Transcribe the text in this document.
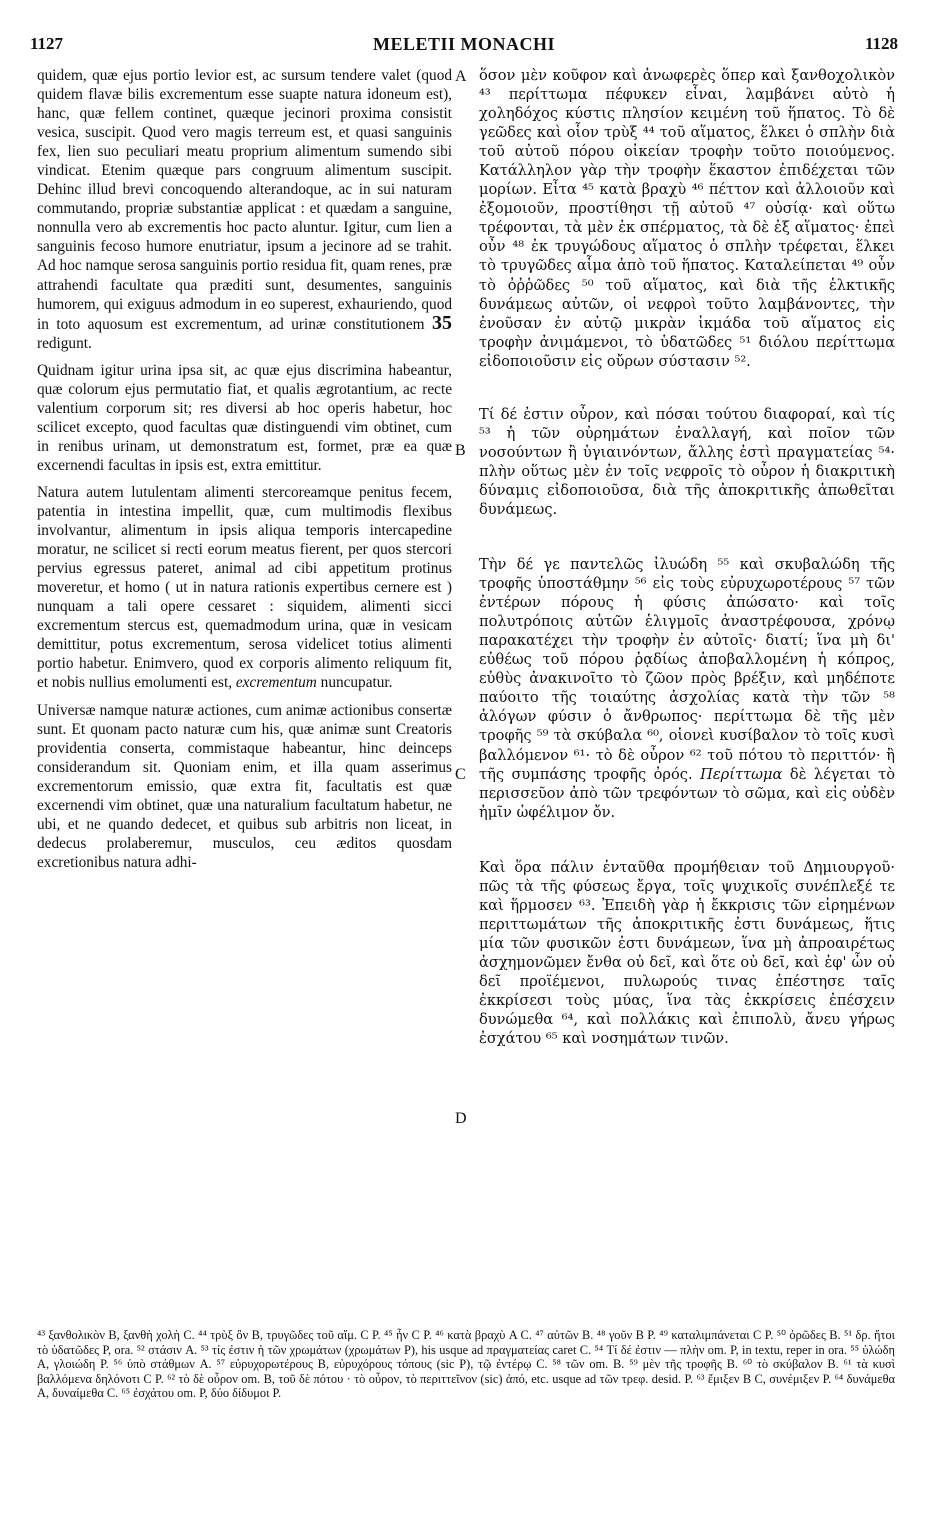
1127	MELETII MONACHI	1128
A
B
C
D

quidem, quæ ejus portio levior est, ac sursum tendere valet (quod quidem flavæ bilis excrementum esse suapte natura idoneum est), hanc, quæ fellem continet, quæque jecinori proxima consistit vesica, suscipit. Quod vero magis terreum est, et quasi sanguinis fex, lien suo peculiari meatu proprium alimentum sumendo sibi vindicat. Etenim quæque pars congruum alimentum suscipit. Dehinc illud brevi concoquendo alterandoque, ac in sui naturam commutando, propriæ substantiæ applicat : et quædam a sanguine, nonnulla vero ab excrementis hoc pacto aluntur. Igitur, cum lien a sanguinis fecoso humore enutriatur, ipsum a jecinore ad se trahit. Ad hoc namque serosa sanguinis portio residua fit, quam renes, præ attrahendi facultate qua præditi sunt, desumentes, sanguinis humorem, qui exiguus admodum in eo superest, exhauriendo, quod in toto aquosum est excrementum, ad urinæ constitutionem 35 redigunt.

Quidnam igitur urina ipsa sit, ac quæ ejus discrimina habeantur, quæ colorum ejus permutatio fiat, et qualis ægrotantium, ac recte valentium corporum sit; res diversi ab hoc operis habetur, hoc scilicet excepto, quod facultas quæ distinguendi vim obtinet, cum in renibus urinam, ut demonstratum est, formet, præ ea quæ excernendi facultas in ipsis est, extra emittitur.

Natura autem lutulentam alimenti stercoreamque penitus fecem, patentia in intestina impellit, quæ, cum multimodis flexibus involvantur, alimentum in ipsis aliqua temporis intercapedine moratur, ne scilicet si recti eorum meatus fierent, per quos stercori pervius egressus pateret, animal ad cibi appetitum protinus moveretur, et homo ( ut in natura rationis expertibus cernere est ) nunquam a tali opere cessaret : siquidem, alimenti sicci excrementum stercus est, quemadmodum urina, quæ in vesicam demittitur, potus excrementum, serosa videlicet totius alimenti portio habetur. Enimvero, quod ex corporis alimento reliquum fit, et nobis nullius emolumenti est, excrementum nuncupatur.

Universæ namque naturæ actiones, cum animæ actionibus consertæ sunt. Et quonam pacto naturæ cum his, quæ animæ sunt Creatoris providentia conserta, commistaque habeantur, hinc deinceps considerandum sit. Quoniam enim, et illa quam asserimus excrementorum emissio, quæ extra fit, facultatis est quæ excernendi vim obtinet, quæ una naturalium facultatum habetur, ne ubi, et ne quando dedecet, et quibus sub arbitris non liceat, in dedecus prolaberemur, musculos, ceu æditos quosdam excretionibus natura adhi-

ὅσον μὲν κοῦφον καὶ ἀνωφερὲς ὅπερ καὶ ξανθοχολικὸν ⁴³ περίττωμα πέφυκεν εἶναι, λαμβάνει αὐτὸ ἡ χοληδόχος κύστις πλησίον κειμένη τοῦ ἥπατος. Τὸ δὲ γεῶδες καὶ οἷον τρὺξ ⁴⁴ τοῦ αἵματος, ἕλκει ὁ σπλὴν διὰ τοῦ αὐτοῦ πόρου οἰκείαν τροφὴν τοῦτο ποιούμενος. Κατάλληλον γὰρ τὴν τροφὴν ἕκαστον ἐπιδέχεται τῶν μορίων. Εἶτα ⁴⁵ κατὰ βραχὺ ⁴⁶ πέττον καὶ ἀλλοιοῦν καὶ ἐξομοιοῦν, προστίθησι τῇ αὐτοῦ ⁴⁷ οὐσίᾳ· καὶ οὕτω τρέφονται, τὰ μὲν ἐκ σπέρματος, τὰ δὲ ἐξ αἵματος· ἐπεὶ οὖν ⁴⁸ ἐκ τρυγώδους αἵματος ὁ σπλὴν τρέφεται, ἕλκει τὸ τρυγῶδες αἷμα ἀπὸ τοῦ ἥπατος. Καταλείπεται ⁴⁹ οὖν τὸ ὀῤῥῶδες ⁵⁰ τοῦ αἵματος, καὶ διὰ τῆς ἑλκτικῆς δυνάμεως αὐτῶν, οἱ νεφροὶ τοῦτο λαμβάνοντες, τὴν ἐνοῦσαν ἐν αὐτῷ μικρὰν ἰκμάδα τοῦ αἵματος εἰς τροφὴν ἀνιμάμενοι, τὸ ὑδατῶδες ⁵¹ διόλου περίττωμα εἰδοποιοῦσιν εἰς οὔρων σύστασιν ⁵².

Τί δέ ἐστιν οὖρον, καὶ πόσαι τούτου διαφοραί, καὶ τίς ⁵³ ἡ τῶν οὐρημάτων ἐναλλαγή, καὶ ποῖον τῶν νοσούντων ἢ ὑγιαινόντων, ἄλλης ἐστὶ πραγματείας ⁵⁴· πλὴν οὕτως μὲν ἐν τοῖς νεφροῖς τὸ οὖρον ἡ διακριτικὴ δύναμις εἰδοποιοῦσα, διὰ τῆς ἀποκριτικῆς ἀπωθεῖται δυνάμεως.

Τὴν δέ γε παντελῶς ἰλυώδη ⁵⁵ καὶ σκυβαλώδη τῆς τροφῆς ὑποστάθμην ⁵⁶ εἰς τοὺς εὐρυχωροτέρους ⁵⁷ τῶν ἐντέρων πόρους ἡ φύσις ἀπώσατο· καὶ τοῖς πολυτρόποις αὐτῶν ἑλιγμοῖς ἀναστρέφουσα, χρόνῳ παρακατέχει τὴν τροφὴν ἐν αὐτοῖς· διατί; ἵνα μὴ δι' εὐθέως τοῦ πόρου ῥᾳδίως ἀποβαλλομένη ἡ κόπρος, εὐθὺς ἀνακινοῖτο τὸ ζῶον πρὸς βρέξιν, καὶ μηδέποτε παύοιτο τῆς τοιαύτης ἀσχολίας κατὰ τὴν τῶν ⁵⁸ ἀλόγων φύσιν ὁ ἄνθρωπος· περίττωμα δὲ τῆς μὲν τροφῆς ⁵⁹ τὰ σκύβαλα ⁶⁰, οἱονεὶ κυσίβαλον τὸ τοῖς κυσὶ βαλλόμενον ⁶¹· τὸ δὲ οὖρον ⁶² τοῦ πότου τὸ περιττόν· ἢ τῆς συμπάσης τροφῆς ὀρός. Περίττωμα δὲ λέγεται τὸ περισσεῦον ἀπὸ τῶν τρεφόντων τὸ σῶμα, καὶ εἰς οὐδὲν ἡμῖν ὠφέλιμον ὄν.

Καὶ ὅρα πάλιν ἐνταῦθα προμήθειαν τοῦ Δημιουργοῦ· πῶς τὰ τῆς φύσεως ἔργα, τοῖς ψυχικοῖς συνέπλεξέ τε καὶ ἥρμοσεν ⁶³. Ἐπειδὴ γὰρ ἡ ἔκκρισις τῶν εἰρημένων περιττωμάτων τῆς ἀποκριτικῆς ἐστι δυνάμεως, ἥτις μία τῶν φυσικῶν ἐστι δυνάμεων, ἵνα μὴ ἀπροαιρέτως ἀσχημονῶμεν ἔνθα οὐ δεῖ, καὶ ὅτε οὐ δεῖ, καὶ ἐφ' ὧν οὐ δεῖ προϊέμενοι, πυλωρούς τινας ἐπέστησε ταῖς ἐκκρίσεσι τοὺς μύας, ἵνα τὰς ἐκκρίσεις ἐπέσχειν δυνώμεθα ⁶⁴, καὶ πολλάκις καὶ ἐπιπολὺ, ἄνευ γήρως ἐσχάτου ⁶⁵ καὶ νοσημάτων τινῶν.

⁴³ ξανθολικὸν B, ξανθὴ χολὴ C. ⁴⁴ τρὺξ ὂν B, τρυγῶδες τοῦ αἵμ. C P. ⁴⁵ ἦν C P. ⁴⁶ κατὰ βραχὺ A C. ⁴⁷ αὐτῶν B. ⁴⁸ γοῦν B P. ⁴⁹ καταλιμπάνεται C P. ⁵⁰ ὀρῶδες B. ⁵¹ δρ. ἤτοι τὸ ὑδατῶδες P, ora. ⁵² στάσιν A. ⁵³ τίς ἐστιν ἡ τῶν χρωμάτων (χρωμάτων P), his usque ad πραγματείας caret C. ⁵⁴ Τί δέ ἐστιν — πλὴν om. P, in textu, reper in ora. ⁵⁵ ὑλώδη A, γλοιώδη P. ⁵⁶ ὑπὸ στάθμων A. ⁵⁷ εὐρυχορωτέρους B, εὐρυχόρους τόπους (sic P), τῷ ἐντέρῳ C. ⁵⁸ τῶν om. B. ⁵⁹ μὲν τῆς τροφῆς B. ⁶⁰ τὸ σκύβαλον B. ⁶¹ τὰ κυσὶ βαλλόμενα δηλόνοτι C P. ⁶² τὸ δὲ οὖρον om. B, τοῦ δὲ πότου · τὸ οὖρον, τὸ περιττεῖνον (sic) ἀπό, etc. usque ad τῶν τρεφ. desid. P. ⁶³ ἔμιξεν B C, συνέμιξεν P. ⁶⁴ δυνάμεθα A, δυναίμεθα C. ⁶⁵ ἐσχάτου om. P, δύο δίδυμοι P.
